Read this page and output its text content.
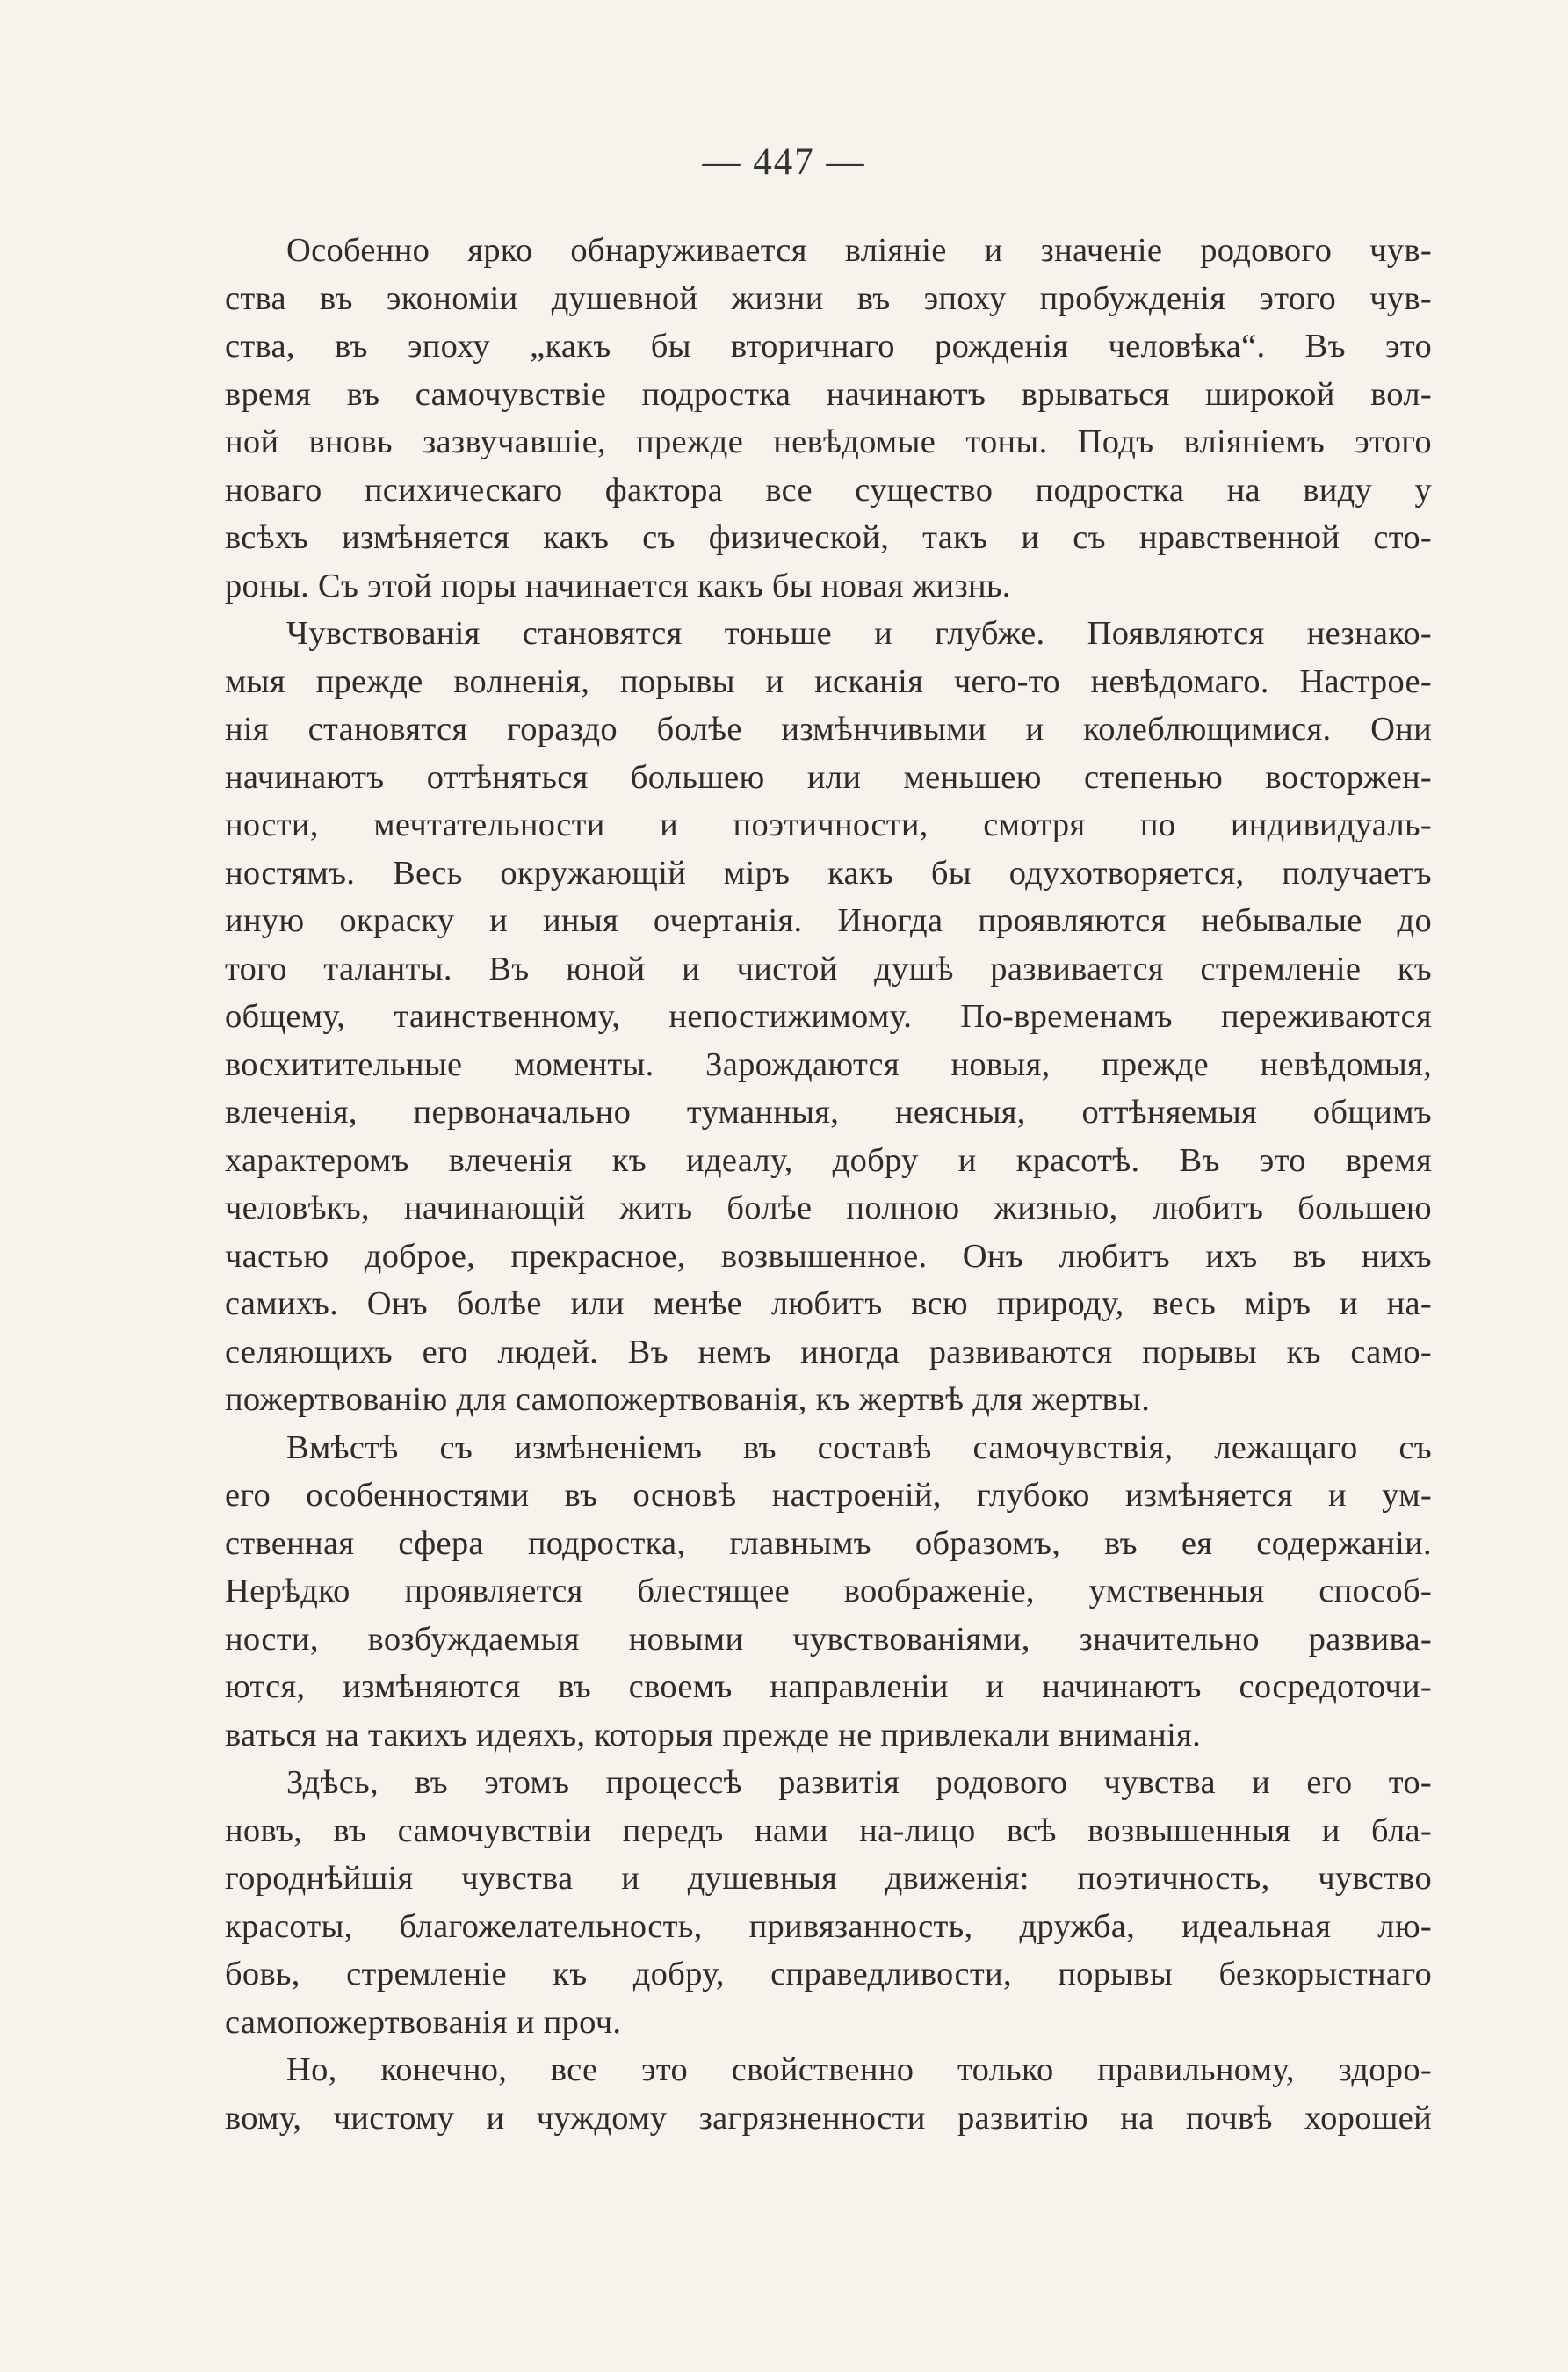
— 447 —

Особенно ярко обнаруживается вліяніе и значеніе родового чув-
ства въ экономіи душевной жизни въ эпоху пробужденія этого чув-
ства, въ эпоху „какъ бы вторичнаго рожденія человѣка“. Въ это
время въ самочувствіе подростка начинаютъ врываться широкой вол-
ной вновь зазвучавшіе, прежде невѣдомые тоны. Подъ вліяніемъ этого
новаго психическаго фактора все существо подростка на виду у
всѣхъ измѣняется какъ съ физической, такъ и съ нравственной сто-
роны. Съ этой поры начинается какъ бы новая жизнь.

Чувствованія становятся тоньше и глубже. Появляются незнако-
мыя прежде волненія, порывы и исканія чего-то невѣдомаго. Настрое-
нія становятся гораздо болѣе измѣнчивыми и колеблющимися. Они
начинаютъ оттѣняться большею или меньшею степенью восторжен-
ности, мечтательности и поэтичности, смотря по индивидуаль-
ностямъ. Весь окружающій міръ какъ бы одухотворяется, получаетъ
иную окраску и иныя очертанія. Иногда проявляются небывалые до
того таланты. Въ юной и чистой душѣ развивается стремленіе къ
общему, таинственному, непостижимому. По-временамъ переживаются
восхитительные моменты. Зарождаются новыя, прежде невѣдомыя,
влеченія, первоначально туманныя, неясныя, оттѣняемыя общимъ
характеромъ влеченія къ идеалу, добру и красотѣ. Въ это время
человѣкъ, начинающій жить болѣе полною жизнью, любитъ большею
частью доброе, прекрасное, возвышенное. Онъ любитъ ихъ въ нихъ
самихъ. Онъ болѣе или менѣе любитъ всю природу, весь міръ и на-
селяющихъ его людей. Въ немъ иногда развиваются порывы къ само-
пожертвованію для самопожертвованія, къ жертвѣ для жертвы.

Вмѣстѣ съ измѣненіемъ въ составѣ самочувствія, лежащаго съ
его особенностями въ основѣ настроеній, глубоко измѣняется и ум-
ственная сфера подростка, главнымъ образомъ, въ ея содержаніи.
Нерѣдко проявляется блестящее воображеніе, умственныя способ-
ности, возбуждаемыя новыми чувствованіями, значительно развива-
ются, измѣняются въ своемъ направленіи и начинаютъ сосредоточи-
ваться на такихъ идеяхъ, которыя прежде не привлекали вниманія.

Здѣсь, въ этомъ процессѣ развитія родового чувства и его то-
новъ, въ самочувствіи передъ нами на-лицо всѣ возвышенныя и бла-
городнѣйшія чувства и душевныя движенія: поэтичность, чувство
красоты, благожелательность, привязанность, дружба, идеальная лю-
бовь, стремленіе къ добру, справедливости, порывы безкорыстнаго
самопожертвованія и проч.

Но, конечно, все это свойственно только правильному, здоро-
вому, чистому и чуждому загрязненности развитію на почвѣ хорошей
